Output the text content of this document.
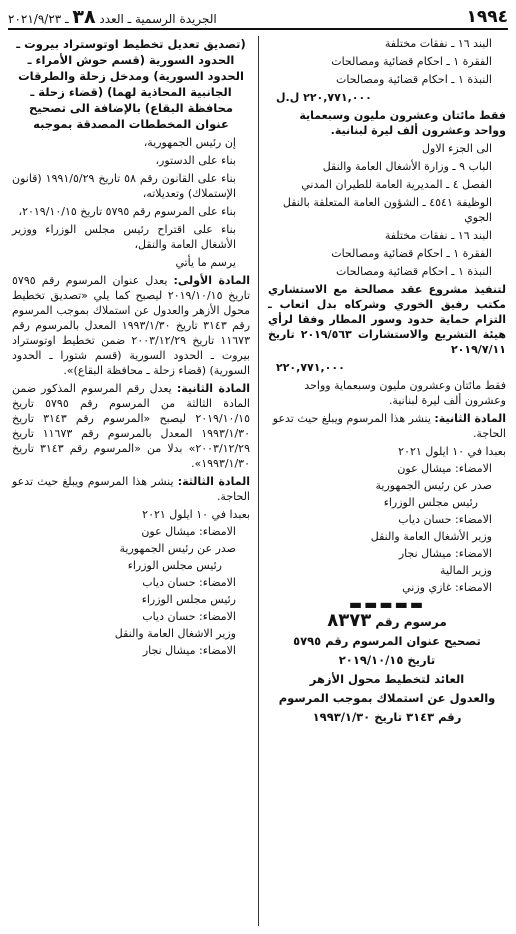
١٩٩٤
الجريدة الرسمية ـ العدد ٣٨ ـ ٢٠٢١/٩/٢٣

البند ١٦ ـ نفقات مختلفة

الفقرة ١ ـ احكام قضائية ومصالحات

النبذة ١ ـ احكام قضائية ومصالحات

٢٢٠,٧٧١,٠٠٠ ل.ل

فقط مائتان وعشرون مليون وسبعماية وواحد وعشرون ألف ليرة لبنانية.

الى الجزء الاول

الباب ٩ ـ وزارة الأشغال العامة والنقل

الفصل ٤ ـ المديرية العامة للطيران المدني

الوظيفة ٤٥٤١ ـ الشؤون العامة المتعلقة بالنقل الجوي

البند ١٦ ـ نفقات مختلفة

الفقرة ١ ـ احكام قضائية ومصالحات

النبذة ١ ـ احكام قضائية ومصالحات

لتنفيذ مشروع عقد مصالحة مع الاستشاري مكتب رفيق الخوري وشركاه بدل اتعاب ـ التزام حماية حدود وسور المطار وفقا لرأي هيئة التشريع والاستشارات ٢٠١٩/٥٦٣ تاريخ ٢٠١٩/٧/١١

٢٢٠,٧٧١,٠٠٠

فقط مائتان وعشرون مليون وسبعماية وواحد وعشرون ألف ليرة لبنانية.

المادة الثانية: ينشر هذا المرسوم ويبلغ حيث تدعو الحاجة.

بعبدا في ١٠ ايلول ٢٠٢١

الامضاء: ميشال عون

صدر عن رئيس الجمهورية

رئيس مجلس الوزراء

الامضاء: حسان دياب

وزير الأشغال العامة والنقل

الامضاء: ميشال نجار

وزير المالية

الامضاء: غازي وزني

▬▬▬▬▬

مرسوم رقم ٨٣٧٣

تصحيح عنوان المرسوم رقم ٥٧٩٥

تاريخ ٢٠١٩/١٠/١٥

العائد لتخطيط محول الأزهر

والعدول عن استملاك بموجب المرسوم

رقم ٣١٤٣ تاريخ ١٩٩٣/١/٣٠

(تصديق تعديل تخطيط اوتوستراد بيروت ـ الحدود السورية (قسم حوش الأمراء ـ الحدود السورية) ومدخل زحلة والطرقات الجانبية المحاذية لهما) (قضاء زحلة ـ محافظة البقاع) بالإضافة الى تصحيح عنوان المخططات المصدقة بموجبه

إن رئيس الجمهورية،

بناء على الدستور،

بناء على القانون رقم ٥٨ تاريخ ١٩٩١/٥/٢٩ (قانون الإستملاك) وتعديلاته،

بناء على المرسوم رقم ٥٧٩٥ تاريخ ٢٠١٩/١٠/١٥،

بناء على اقتراح رئيس مجلس الوزراء ووزير الأشغال العامة والنقل،

يرسم ما يأتي

المادة الأولى: يعدل عنوان المرسوم رقم ٥٧٩٥ تاريخ ٢٠١٩/١٠/١٥ ليصبح كما يلي «تصديق تخطيط محول الأزهر والعدول عن استملاك بموجب المرسوم رقم ٣١٤٣ تاريخ ١٩٩٣/١/٣٠ المعدل بالمرسوم رقم ١١٦٧٣ تاريخ ٢٠٠٣/١٢/٢٩ ضمن تخطيط اوتوستراد بيروت ـ الحدود السورية (قسم شتورا ـ الحدود السورية) (قضاء زحلة ـ محافظة البقاع)».

المادة الثانية: يعدل رقم المرسوم المذكور ضمن المادة الثالثة من المرسوم رقم ٥٧٩٥ تاريخ ٢٠١٩/١٠/١٥ ليصبح «المرسوم رقم ٣١٤٣ تاريخ ١٩٩٣/١/٣٠ المعدل بالمرسوم رقم ١١٦٧٣ تاريخ ٢٠٠٣/١٢/٢٩» بدلا من «المرسوم رقم ٣١٤٣ تاريخ ١٩٩٣/١/٣٠».

المادة الثالثة: ينشر هذا المرسوم ويبلغ حيث تدعو الحاجة.

بعبدا في ١٠ ايلول ٢٠٢١

الامضاء: ميشال عون

صدر عن رئيس الجمهورية

رئيس مجلس الوزراء

الامضاء: حسان دياب

رئيس مجلس الوزراء

الامضاء: حسان دياب

وزير الاشغال العامة والنقل

الامضاء: ميشال نجار
